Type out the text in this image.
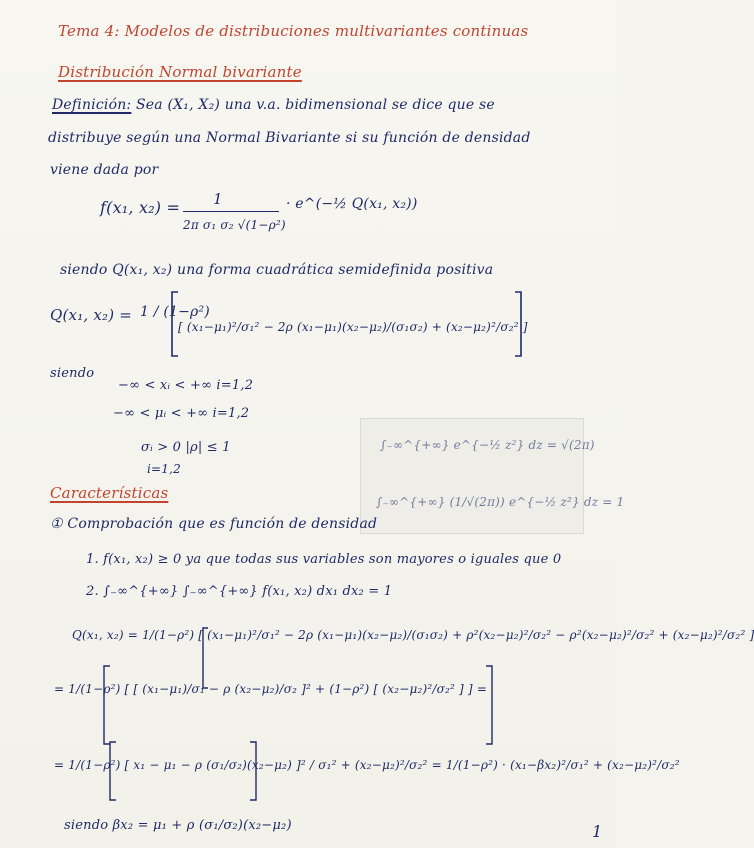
Tema 4: Modelos de distribuciones multivariantes continuas
Distribución Normal bivariante
Definición: Sea (X₁, X₂) una v.a. bidimensional se dice que se
distribuye según una Normal Bivariante si su función de densidad
viene dada por
f(x₁, x₂) = 1
2π σ₁ σ₂ √(1−ρ²)
· e^(−½ Q(x₁, x₂))
siendo Q(x₁, x₂) una forma cuadrática semidefinida positiva
Q(x₁, x₂) = 1 / (1−ρ²)
[ (x₁−μ₁)²/σ₁² − 2ρ (x₁−μ₁)(x₂−μ₂)/(σ₁σ₂) + (x₂−μ₂)²/σ₂² ]
siendo
−∞ < xᵢ < +∞ i=1,2
−∞ < μᵢ < +∞ i=1,2
σᵢ > 0 |ρ| ≤ 1
i=1,2
∫₋∞^{+∞} e^{−½ z²} dz = √(2π)
∫₋∞^{+∞} (1/√(2π)) e^{−½ z²} dz = 1
Características
① Comprobación que es función de densidad
1. f(x₁, x₂) ≥ 0 ya que todas sus variables son mayores o iguales que 0
2. ∫₋∞^{+∞} ∫₋∞^{+∞} f(x₁, x₂) dx₁ dx₂ = 1
Q(x₁, x₂) = 1/(1−ρ²) [ (x₁−μ₁)²/σ₁² − 2ρ (x₁−μ₁)(x₂−μ₂)/(σ₁σ₂) + ρ²(x₂−μ₂)²/σ₂² − ρ²(x₂−μ₂)²/σ₂² + (x₂−μ₂)²/σ₂² ]
= 1/(1−ρ²) [ [ (x₁−μ₁)/σ₁ − ρ (x₂−μ₂)/σ₂ ]² + (1−ρ²) [ (x₂−μ₂)²/σ₂² ] ] =
= 1/(1−ρ²) [ x₁ − μ₁ − ρ (σ₁/σ₂)(x₂−μ₂) ]² / σ₁² + (x₂−μ₂)²/σ₂² = 1/(1−ρ²) · (x₁−βx₂)²/σ₁² + (x₂−μ₂)²/σ₂²
siendo βx₂ = μ₁ + ρ (σ₁/σ₂)(x₂−μ₂)	1
